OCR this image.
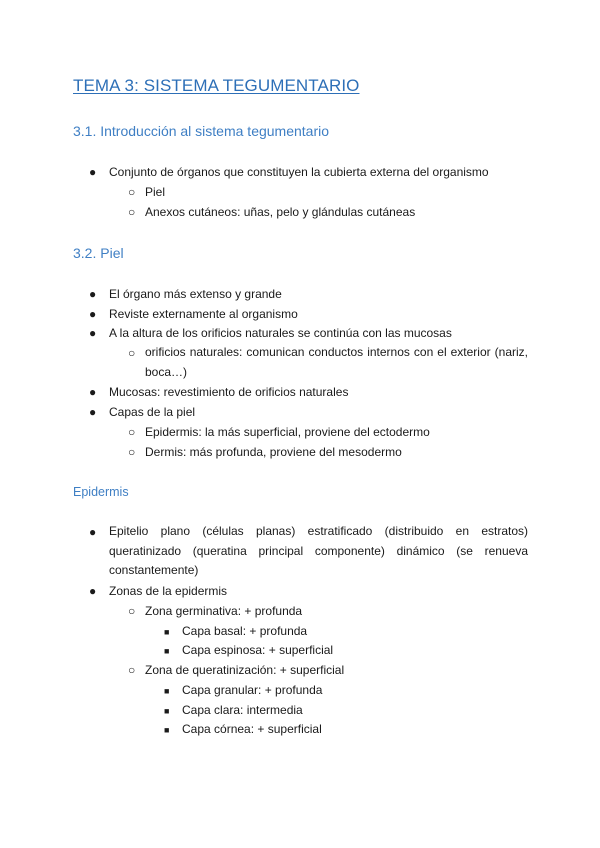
TEMA 3: SISTEMA TEGUMENTARIO
3.1. Introducción al sistema tegumentario
●
Conjunto de órganos que constituyen la cubierta externa del organismo
○
Piel
○
Anexos cutáneos: uñas, pelo y glándulas cutáneas
3.2. Piel
●
El órgano más extenso y grande
●
Reviste externamente al organismo
●
A la altura de los orificios naturales se continúa con las mucosas
○
orificios naturales: comunican conductos internos con el exterior (nariz, boca…)
●
Mucosas: revestimiento de orificios naturales
●
Capas de la piel
○
Epidermis: la más superficial, proviene del ectodermo
○
Dermis: más profunda, proviene del mesodermo
Epidermis
●
Epitelio plano (células planas) estratificado (distribuido en estratos) queratinizado (queratina principal componente) dinámico (se renueva constantemente)
●
Zonas de la epidermis
○
Zona germinativa: + profunda
■
Capa basal: + profunda
■
Capa espinosa: + superficial
○
Zona de queratinización: + superficial
■
Capa granular: + profunda
■
Capa clara: intermedia
■
Capa córnea: + superficial
